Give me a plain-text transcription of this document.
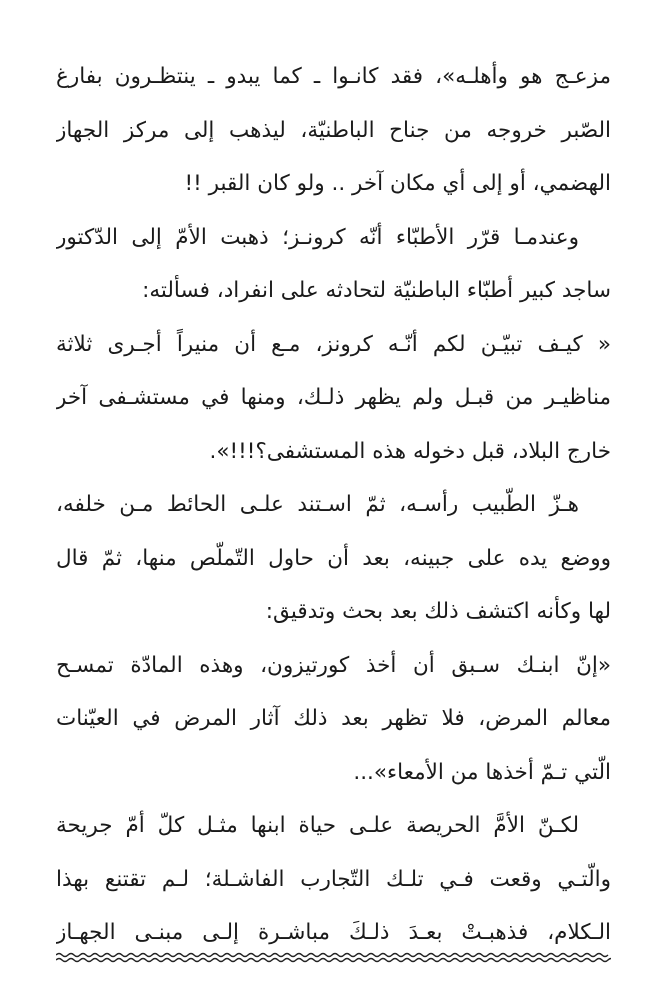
مزعـج هو وأهلـه»، فقد كانـوا ـ كما يبدو ـ ينتظـرون بفارغ
الصّبر خروجه من جناح الباطنيّة، ليذهب إلى مركز الجهاز
الهضمي، أو إلى أي مكان آخر .. ولو كان القبر !!
وعندمـا قرّر الأطبّاء أنّه كرونـز؛ ذهبت الأمّ إلى الدّكتور
ساجد كبير أطبّاء الباطنيّة لتحادثه على انفراد، فسألته:
« كيـف تبيّـن لكم أنّـه كرونز، مـع أن منيراً أجـرى ثلاثة
مناظيـر من قبـل ولم يظهر ذلـك، ومنها في مستشـفى آخر
خارج البلاد، قبل دخوله هذه المستشفى؟!!!».
هـزّ الطّبيب رأسـه، ثمّ اسـتند علـى الحائط مـن خلفه،
ووضع يده على جبينه، بعد أن حاول التّملّص منها، ثمّ قال
لها وكأنه اكتشف ذلك بعد بحث وتدقيق:
«إنّ ابنـك سـبق أن أخذ كورتيزون، وهذه المادّة تمسـح
معالم المرض، فلا تظهر بعد ذلك آثار المرض في العيّنات
الّتي تـمّ أخذها من الأمعاء»...
لكـنّ الأمَّ الحريصة علـى حياة ابنها مثـل كلّ أمّ جريحة
والّتـي وقعت فـي تلـك التّجارب الفاشـلة؛ لـم تقتنع بهذا
الـكلام، فذهبـتْ بعـدَ ذلـكَ مباشـرة إلـى مبنـى الجهـاز
